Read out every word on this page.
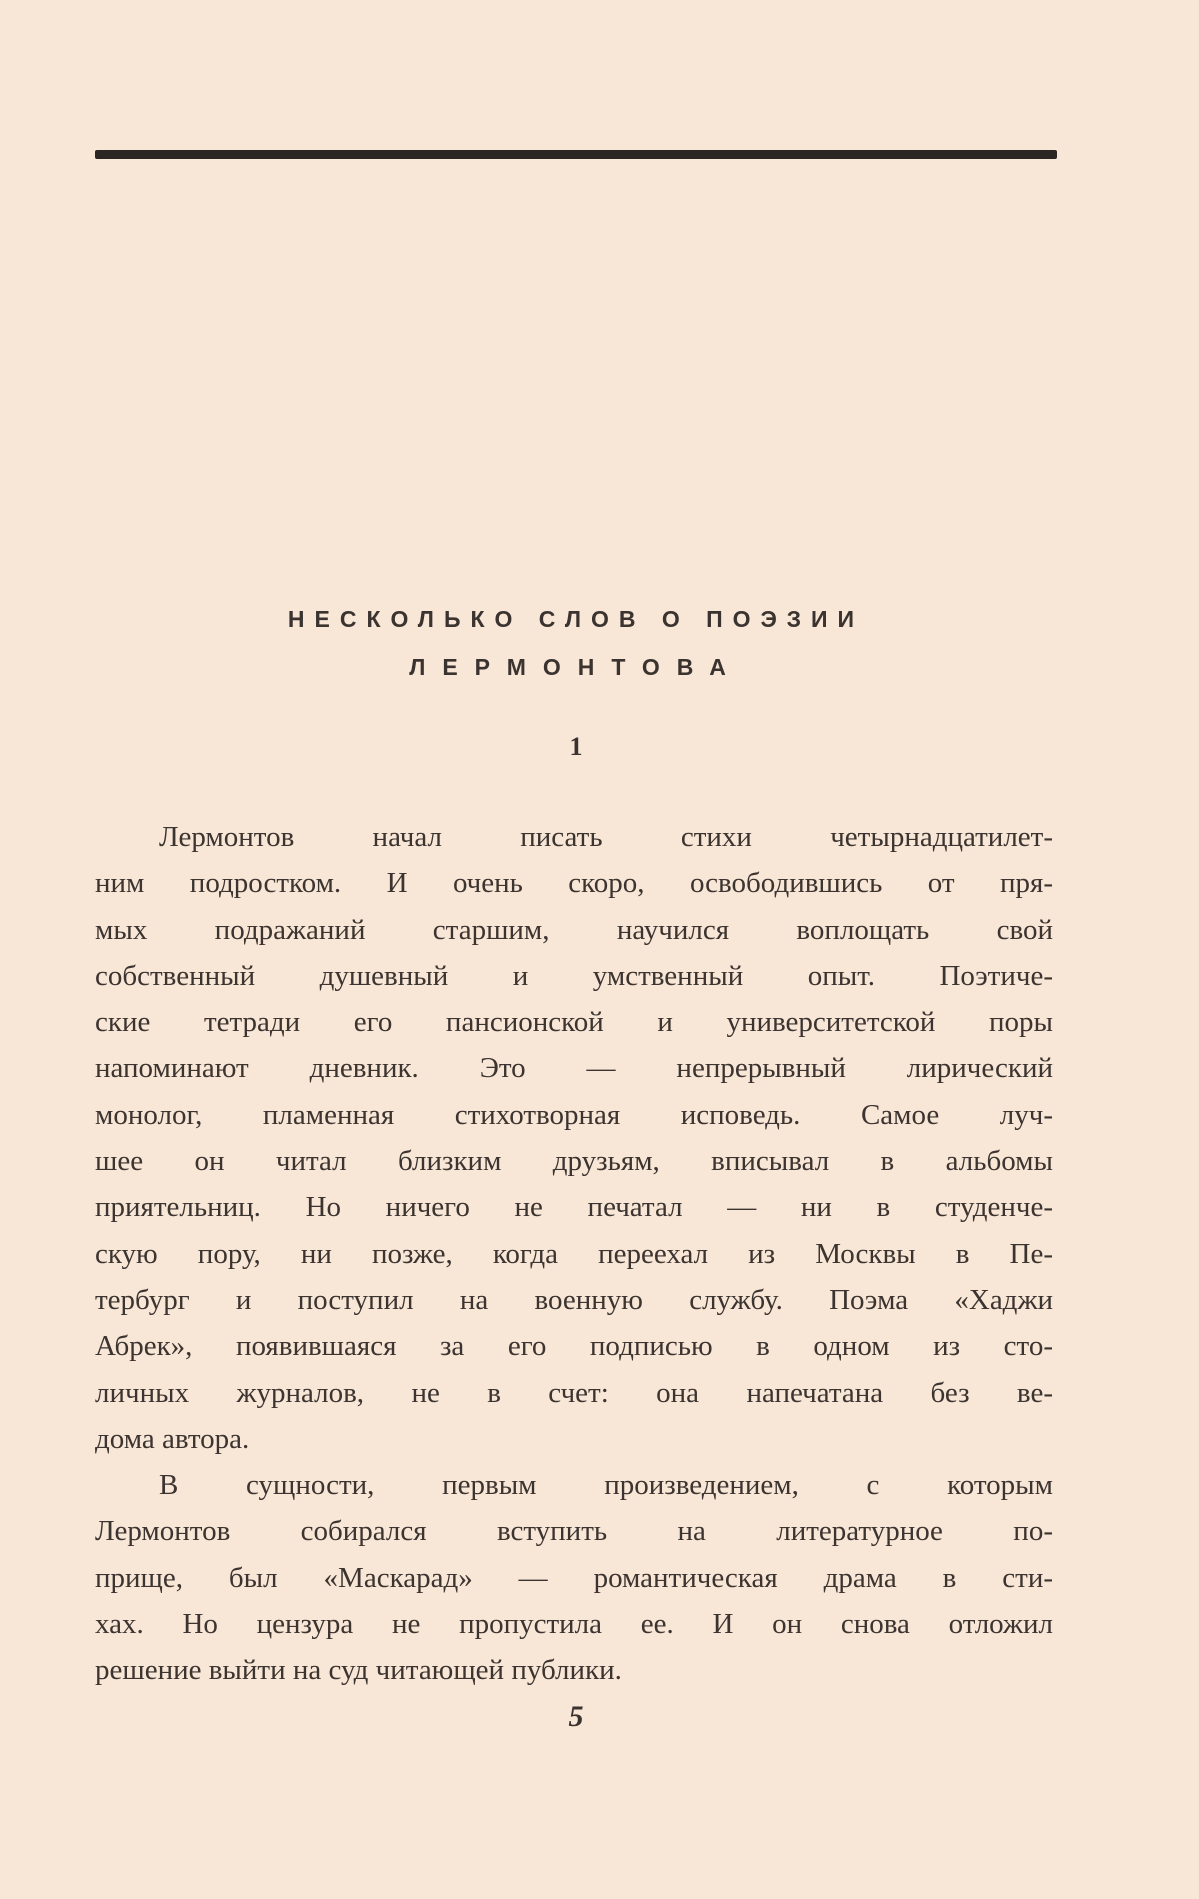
НЕСКОЛЬКО СЛОВ О ПОЭЗИИ
ЛЕРМОНТОВА
1
Лермонтов начал писать стихи четырнадцатилет-
ним подростком. И очень скоро, освободившись от пря-
мых подражаний старшим, научился воплощать свой
собственный душевный и умственный опыт. Поэтиче-
ские тетради его пансионской и университетской поры
напоминают дневник. Это — непрерывный лирический
монолог, пламенная стихотворная исповедь. Самое луч-
шее он читал близким друзьям, вписывал в альбомы
приятельниц. Но ничего не печатал — ни в студенче-
скую пору, ни позже, когда переехал из Москвы в Пе-
тербург и поступил на военную службу. Поэма «Хаджи
Абрек», появившаяся за его подписью в одном из сто-
личных журналов, не в счет: она напечатана без ве-
дома автора.
В сущности, первым произведением, с которым
Лермонтов собирался вступить на литературное по-
прище, был «Маскарад» — романтическая драма в сти-
хах. Но цензура не пропустила ее. И он снова отложил
решение выйти на суд читающей публики.
5
